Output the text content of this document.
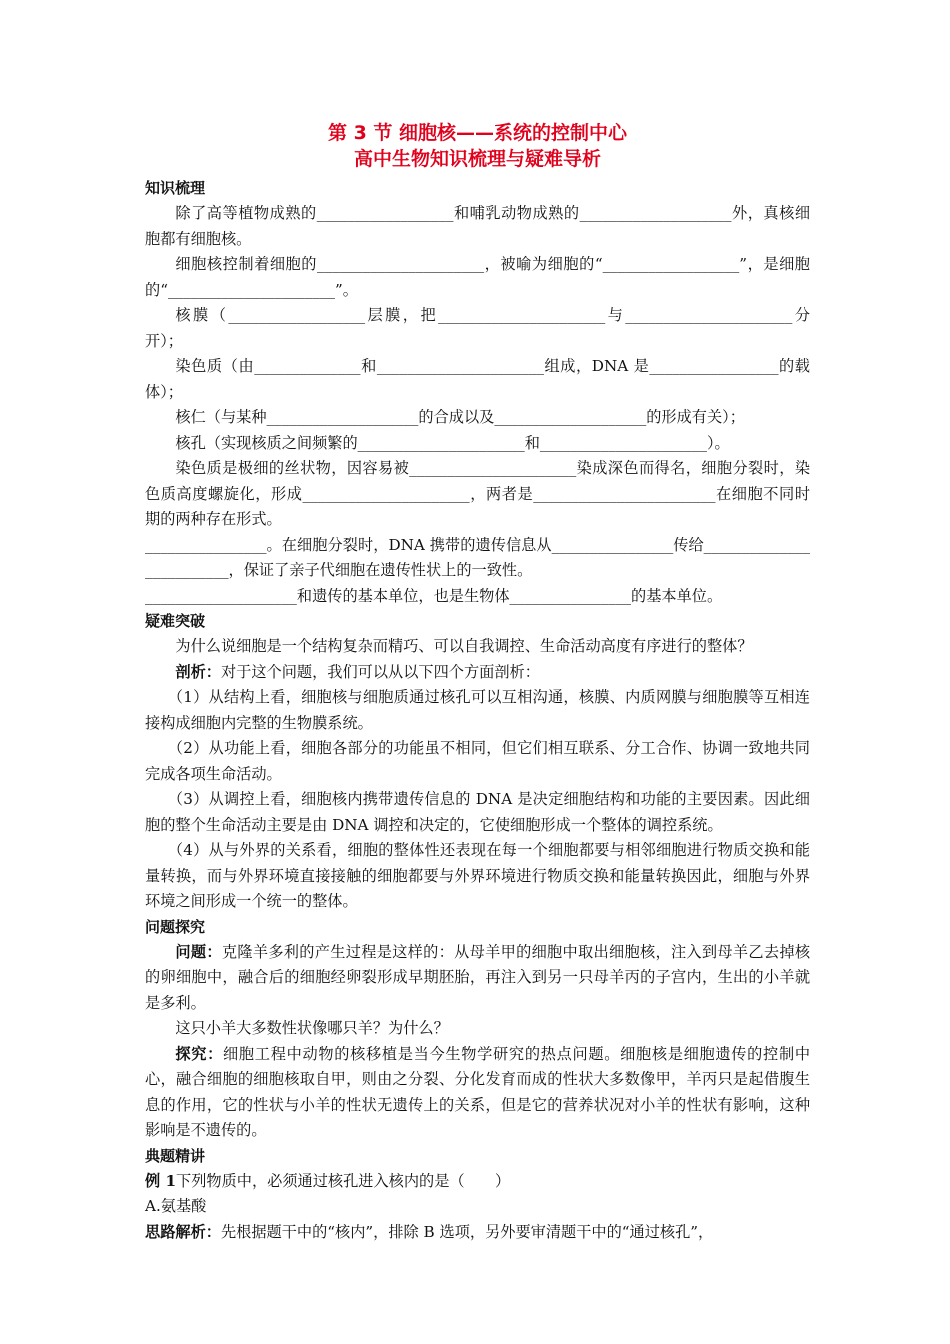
第 3 节 细胞核——系统的控制中心

高中生物知识梳理与疑难导析

知识梳理

除了高等植物成熟的__________________和哺乳动物成熟的____________________外，真核细胞都有细胞核。

细胞核控制着细胞的______________________，被喻为细胞的“__________________”，是细胞的“______________________”。

核膜（__________________层膜，把______________________与______________________分开）；

染色质（由______________和______________________组成，DNA 是_________________的载体）；

核仁（与某种____________________的合成以及____________________的形成有关）；

核孔（实现核质之间频繁的______________________和______________________）。

染色质是极细的丝状物，因容易被______________________染成深色而得名，细胞分裂时，染色质高度螺旋化，形成______________________，两者是________________________在细胞不同时期的两种存在形式。

________________。在细胞分裂时，DNA 携带的遗传信息从________________传给_________________________，保证了亲子代细胞在遗传性状上的一致性。

____________________和遗传的基本单位，也是生物体________________的基本单位。

疑难突破

为什么说细胞是一个结构复杂而精巧、可以自我调控、生命活动高度有序进行的整体？

剖析：对于这个问题，我们可以从以下四个方面剖析：

（1）从结构上看，细胞核与细胞质通过核孔可以互相沟通，核膜、内质网膜与细胞膜等互相连接构成细胞内完整的生物膜系统。

（2）从功能上看，细胞各部分的功能虽不相同，但它们相互联系、分工合作、协调一致地共同完成各项生命活动。

（3）从调控上看，细胞核内携带遗传信息的 DNA 是决定细胞结构和功能的主要因素。因此细胞的整个生命活动主要是由 DNA 调控和决定的，它使细胞形成一个整体的调控系统。

（4）从与外界的关系看，细胞的整体性还表现在每一个细胞都要与相邻细胞进行物质交换和能量转换，而与外界环境直接接触的细胞都要与外界环境进行物质交换和能量转换因此，细胞与外界环境之间形成一个统一的整体。

问题探究

问题：克隆羊多利的产生过程是这样的：从母羊甲的细胞中取出细胞核，注入到母羊乙去掉核的卵细胞中，融合后的细胞经卵裂形成早期胚胎，再注入到另一只母羊丙的子宫内，生出的小羊就是多利。

这只小羊大多数性状像哪只羊？为什么？

探究：细胞工程中动物的核移植是当今生物学研究的热点问题。细胞核是细胞遗传的控制中心，融合细胞的细胞核取自甲，则由之分裂、分化发育而成的性状大多数像甲，羊丙只是起借腹生息的作用，它的性状与小羊的性状无遗传上的关系，但是它的营养状况对小羊的性状有影响，这种影响是不遗传的。

典题精讲

例 1下列物质中，必须通过核孔进入核内的是（　　）

A.氨基酸

思路解析：先根据题干中的“核内”，排除 B 选项，另外要审清题干中的“通过核孔”，
